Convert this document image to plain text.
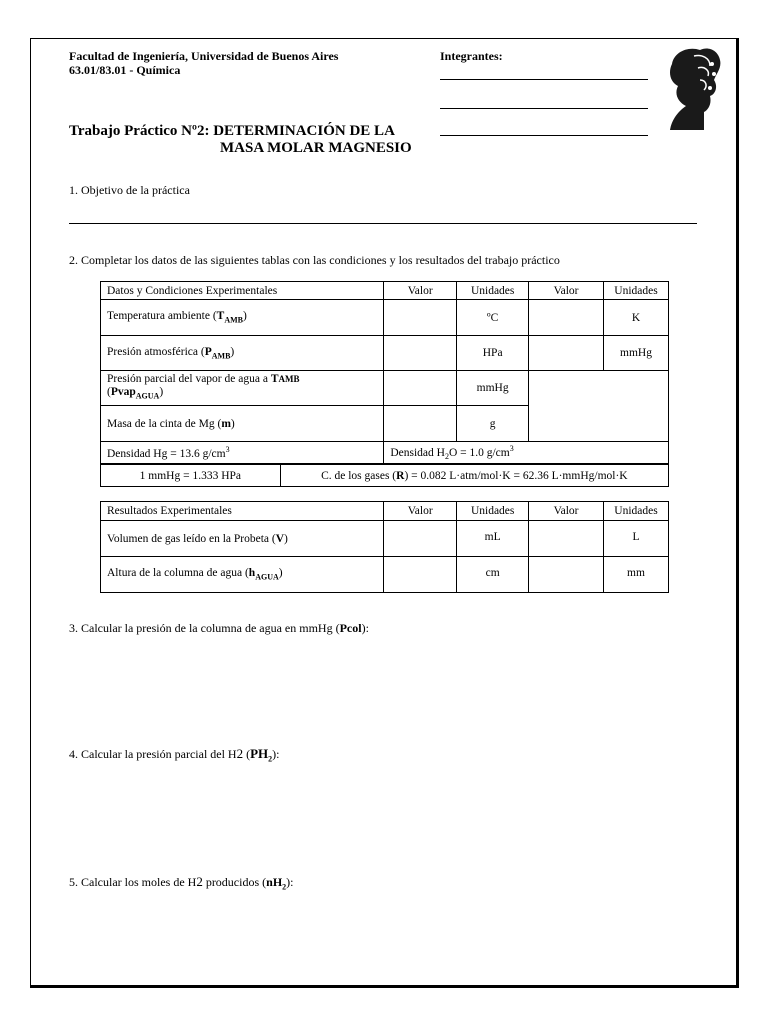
Facultad de Ingeniería, Universidad de Buenos Aires
63.01/83.01 - Química
Integrantes:
Trabajo Práctico Nº2: DETERMINACIÓN DE LA
MASA MOLAR MAGNESIO
1. Objetivo de la práctica
2. Completar los datos de las siguientes tablas con las condiciones y los resultados del trabajo práctico
Datos y Condiciones Experimentales	Valor	Unidades	Valor	Unidades
Temperatura ambiente $(T_{AMB})$		ºC		K
Presión atmosférica $(P_{AMB})$		HPa		mmHg
Presión parcial del vapor de agua a TAMB
(Pvap$_{AGUA}$)		mmHg		
Masa de la cinta de Mg (m)		g		
Densidad Hg = 13.6 $g/cm^3$	Densidad $H_2O = 1.0$ $g/cm^3$
1 mmHg = 1.333 HPa	C. de los gases (R) = 0.082 L·atm/mol·K = 62.36 L·mmHg/mol·K
Resultados Experimentales	Valor	Unidades	Valor	Unidades
Volumen de gas leído en la Probeta (V)		mL		L
Altura de la columna de agua $(h_{AGUA})$		cm		mm
3. Calcular la presión de la columna de agua en mmHg (Pcol):
4. Calcular la presión parcial del H2 $(PH_2)$:
5. Calcular los moles de H2 producidos $(nH_2)$:
